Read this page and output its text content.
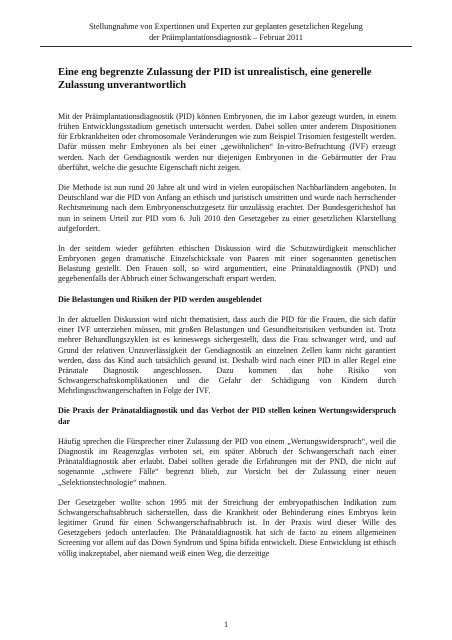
Stellungnahme von Expertinnen und Experten zur geplanten gesetzlichen Regelung
der Präimplantationsdiagnostik – Februar 2011
Eine eng begrenzte Zulassung der PID ist unrealistisch, eine generelle Zulassung unverantwortlich

Mit der Präimplantationsdiagnostik (PID) können Embryonen, die im Labor gezeugt wurden, in einem frühen Entwicklungsstadium genetisch untersucht werden. Dabei sollen unter anderem Dispositionen für Erbkrankheiten oder chromosomale Veränderungen wie zum Beispiel Trisomien festgestellt werden. Dafür müssen mehr Embryonen als bei einer „gewöhnlichen“ In-vitro-Befruchtung (IVF) erzeugt werden. Nach der Gendiagnostik werden nur diejenigen Embryonen in die Gebärmutter der Frau überführt, welche die gesuchte Eigenschaft nicht zeigen.

Die Methode ist nun rund 20 Jahre alt und wird in vielen europäischen Nachbarländern angeboten. In Deutschland war die PID von Anfang an ethisch und juristisch umstritten und wurde nach herrschender Rechtsmeinung nach dem Embryonenschutzgesetz für unzulässig erachtet. Der Bundesgerichtshof hat nun in seinem Urteil zur PID vom 6. Juli 2010 den Gesetzgeber zu einer gesetzlichen Klarstellung aufgefordert.

In der seitdem wieder geführten ethischen Diskussion wird die Schutzwürdigkeit menschlicher Embryonen gegen dramatische Einzelschicksale von Paaren mit einer sogenannten genetischen Belastung gestellt. Den Frauen soll, so wird argumentiert, eine Pränataldiagnostik (PND) und gegebenenfalls der Abbruch einer Schwangerschaft erspart werden.

Die Belastungen und Risiken der PID werden ausgeblendet

In der aktuellen Diskussion wird nicht thematisiert, dass auch die PID für die Frauen, die sich dafür einer IVF unterziehen müssen, mit großen Belastungen und Gesundheitsrisiken verbunden ist. Trotz mehrer Behandlungszyklen ist es keineswegs sichergestellt, dass die Frau schwanger wird, und auf Grund der relativen Unzuverlässigkeit der Gendiagnostik an einzelnen Zellen kann nicht garantiert werden, dass das Kind auch tatsächlich gesund ist. Deshalb wird nach einer PID in aller Regel eine Pränatale Diagnostik angeschlossen. Dazu kommen das hohe Risiko von Schwangerschaftskomplikationen und die Gefahr der Schädigung von Kindern durch Mehrlingsschwangerschaften in Folge der IVF.

Die Praxis der Pränataldiagnostik und das Verbot der PID stellen keinen Wertungswiderspruch dar

Häufig sprechen die Fürsprecher einer Zulassung der PID von einem „Wertungswiderspruch“, weil die Diagnostik im Reagenzglas verboten sei, ein später Abbruch der Schwangerschaft nach einer Pränataldiagnostik aber erlaubt. Dabei sollten gerade die Erfahrungen mit der PND, die nicht auf sogenannte „schwere Fälle“ begrenzt blieb, zur Vorsicht bei der Zulassung einer neuen „Selektionstechnologie“ mahnen.

Der Gesetzgeber wollte schon 1995 mit der Streichung der embryopathischen Indikation zum Schwangerschaftsabbruch sicherstellen, dass die Krankheit oder Behinderung eines Embryos kein legitimer Grund für einen Schwangerschaftsabbruch ist. In der Praxis wird dieser Wille des Gesetzgebers jedoch unterlaufen. Die Pränataldiagnostik hat sich de facto zu einem allgemeinen Screening vor allem auf das Down Syndrom und Spina bifida entwickelt. Diese Entwicklung ist ethisch völlig inakzeptabel, aber niemand weiß einen Weg, die derzeitige

1
